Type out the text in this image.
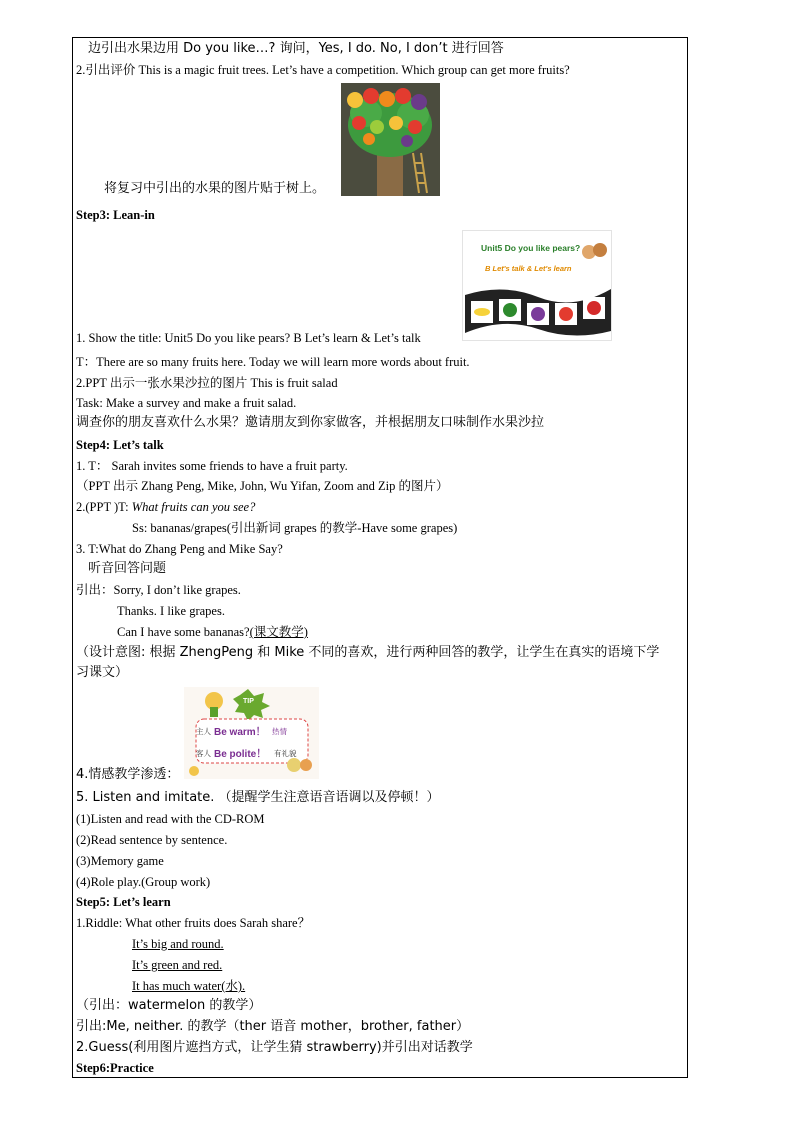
边引出水果边用 Do you like…? 询问，Yes, I do. No, I don’t 进行回答
2.引出评价 This is a magic fruit trees. Let’s have a competition. Which group can get more fruits?
将复习中引出的水果的图片贴于树上。
Step3: Lean-in
Unit5 Do you like pears?
B Let's talk & Let's learn
1. Show the title: Unit5 Do you like pears? B Let’s learn & Let’s talk
T：There are so many fruits here. Today we will learn more words about fruit.
2.PPT 出示一张水果沙拉的图片 This is fruit salad
Task: Make a survey and make a fruit salad.
调查你的朋友喜欢什么水果？邀请朋友到你家做客，并根据朋友口味制作水果沙拉
Step4: Let’s talk
1. T： Sarah invites some friends to have a fruit party.
（PPT 出示 Zhang Peng, Mike, John, Wu Yifan, Zoom and Zip 的图片）
2.(PPT )T: What fruits can you see?
Ss: bananas/grapes(引出新词 grapes 的教学-Have some grapes)
3. T:What do Zhang Peng and Mike Say?
听音回答问题
引出：Sorry, I don’t like grapes.
Thanks. I like grapes.
Can I have some bananas?(课文教学)
（设计意图: 根据 ZhengPeng 和 Mike 不同的喜欢，进行两种回答的教学，让学生在真实的语境下学
习课文）
TIP
主人 Be warm！ 热情
客人 Be polite！ 有礼貌
4.情感教学渗透：
5. Listen and imitate. （提醒学生注意语音语调以及停顿！）
(1)Listen and read with the CD-ROM
(2)Read sentence by sentence.
(3)Memory game
(4)Role play.(Group work)
Step5: Let’s learn
1.Riddle: What other fruits does Sarah share？
It’s big and round.
It’s green and red.
It has much water(水).
（引出：watermelon 的教学）
引出:Me, neither. 的教学（ther 语音 mother，brother, father）
2.Guess(利用图片遮挡方式，让学生猜 strawberry)并引出对话教学
Step6:Practice
